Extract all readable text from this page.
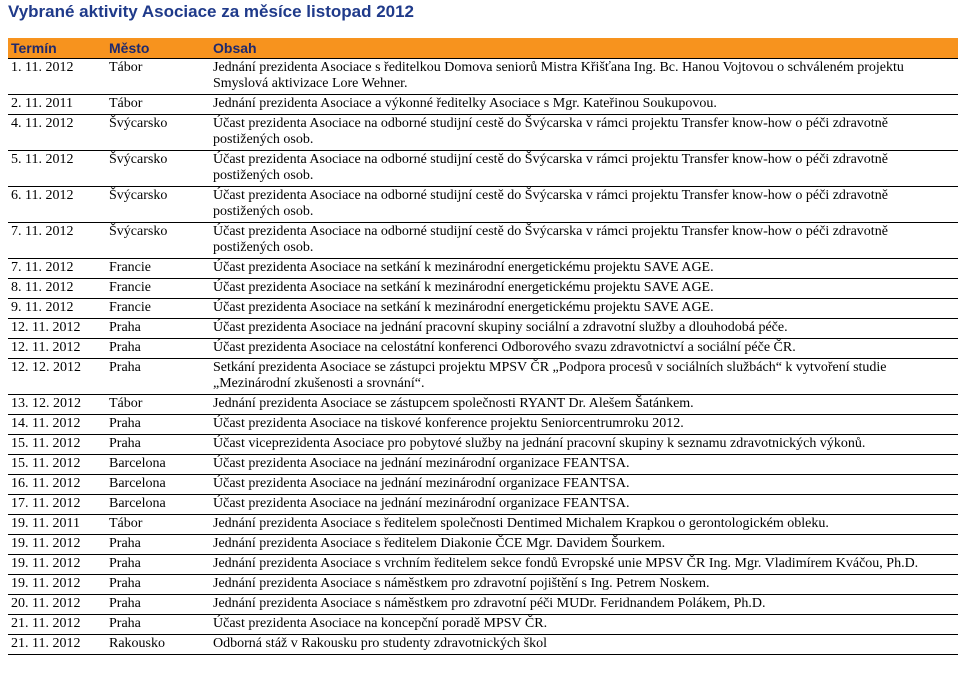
Vybrané aktivity Asociace za měsíce listopad 2012
Termín	Město	Obsah
1. 11. 2012	Tábor	Jednání prezidenta Asociace s ředitelkou Domova seniorů Mistra Křišťana Ing. Bc. Hanou Vojtovou o schváleném projektu Smyslová aktivizace Lore Wehner.
2. 11. 2011	Tábor	Jednání prezidenta Asociace a výkonné ředitelky Asociace s Mgr. Kateřinou Soukupovou.
4. 11. 2012	Švýcarsko	Účast prezidenta Asociace na odborné studijní cestě do Švýcarska v rámci projektu Transfer know-how o péči zdravotně postižených osob.
5. 11. 2012	Švýcarsko	Účast prezidenta Asociace na odborné studijní cestě do Švýcarska v rámci projektu Transfer know-how o péči zdravotně postižených osob.
6. 11. 2012	Švýcarsko	Účast prezidenta Asociace na odborné studijní cestě do Švýcarska v rámci projektu Transfer know-how o péči zdravotně postižených osob.
7. 11. 2012	Švýcarsko	Účast prezidenta Asociace na odborné studijní cestě do Švýcarska v rámci projektu Transfer know-how o péči zdravotně postižených osob.
7. 11. 2012	Francie	Účast prezidenta Asociace na setkání k mezinárodní energetickému projektu SAVE AGE.
8. 11. 2012	Francie	Účast prezidenta Asociace na setkání k mezinárodní energetickému projektu SAVE AGE.
9. 11. 2012	Francie	Účast prezidenta Asociace na setkání k mezinárodní energetickému projektu SAVE AGE.
12. 11. 2012	Praha	Účast prezidenta Asociace na jednání pracovní skupiny sociální a zdravotní služby a dlouhodobá péče.
12. 11. 2012	Praha	Účast prezidenta Asociace na celostátní konferenci Odborového svazu zdravotnictví a sociální péče ČR.
12. 12. 2012	Praha	Setkání prezidenta Asociace se zástupci projektu MPSV ČR „Podpora procesů v sociálních službách“ k vytvoření studie „Mezinárodní zkušenosti a srovnání“.
13. 12. 2012	Tábor	Jednání prezidenta Asociace se zástupcem společnosti RYANT Dr. Alešem Šatánkem.
14. 11. 2012	Praha	Účast prezidenta Asociace na tiskové konference projektu Seniorcentrumroku 2012.
15. 11. 2012	Praha	Účast viceprezidenta Asociace pro pobytové služby na jednání pracovní skupiny k seznamu zdravotnických výkonů.
15. 11. 2012	Barcelona	Účast prezidenta Asociace na jednání mezinárodní organizace FEANTSA.
16. 11. 2012	Barcelona	Účast prezidenta Asociace na jednání mezinárodní organizace FEANTSA.
17. 11. 2012	Barcelona	Účast prezidenta Asociace na jednání mezinárodní organizace FEANTSA.
19. 11. 2011	Tábor	Jednání prezidenta Asociace s ředitelem společnosti Dentimed Michalem Krapkou o gerontologickém obleku.
19. 11. 2012	Praha	Jednání prezidenta Asociace s ředitelem Diakonie ČCE Mgr. Davidem Šourkem.
19. 11. 2012	Praha	Jednání prezidenta Asociace s vrchním ředitelem sekce fondů Evropské unie MPSV ČR Ing. Mgr. Vladimírem Kváčou, Ph.D.
19. 11. 2012	Praha	Jednání prezidenta Asociace s náměstkem pro zdravotní pojištění s Ing. Petrem Noskem.
20. 11. 2012	Praha	Jednání prezidenta Asociace s náměstkem pro zdravotní péči MUDr. Feridnandem Polákem, Ph.D.
21. 11. 2012	Praha	Účast prezidenta Asociace na koncepční poradě MPSV ČR.
21. 11. 2012	Rakousko	Odborná stáž v Rakousku pro studenty zdravotnických škol
